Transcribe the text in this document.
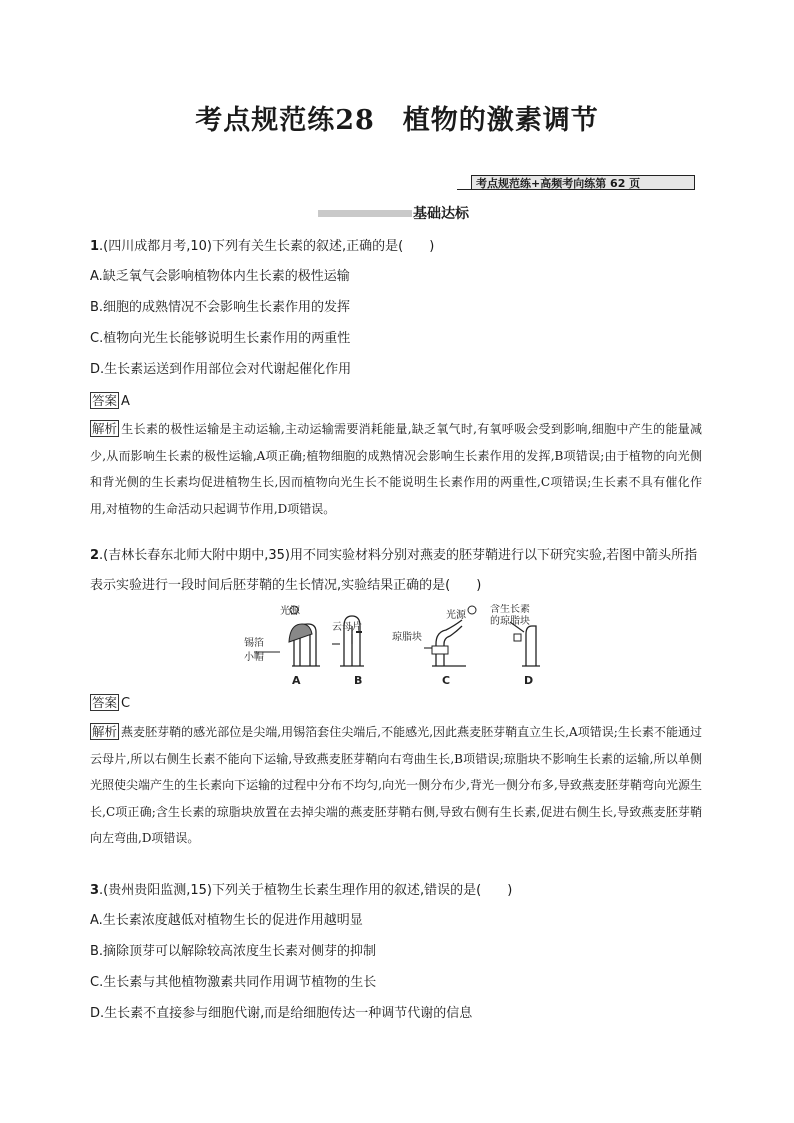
考点规范练28　植物的激素调节
考点规范练+高频考向练第 62 页
基础达标
1.(四川成都月考,10)下列有关生长素的叙述,正确的是(　　)
A.缺乏氧气会影响植物体内生长素的极性运输
B.细胞的成熟情况不会影响生长素作用的发挥
C.植物向光生长能够说明生长素作用的两重性
D.生长素运送到作用部位会对代谢起催化作用
答案 A
解析 生长素的极性运输是主动运输,主动运输需要消耗能量,缺乏氧气时,有氧呼吸会受到影响,细胞中产生的能量减少,从而影响生长素的极性运输,A项正确;植物细胞的成熟情况会影响生长素作用的发挥,B项错误;由于植物的向光侧和背光侧的生长素均促进植物生长,因而植物向光生长不能说明生长素作用的两重性,C项错误;生长素不具有催化作用,对植物的生命活动只起调节作用,D项错误。
2.(吉林长春东北师大附中期中,35)用不同实验材料分别对燕麦的胚芽鞘进行以下研究实验,若图中箭头所指表示实验进行一段时间后胚芽鞘的生长情况,实验结果正确的是(　　)
光源
锡箔
小帽
云母片
琼脂块
光源
含生长素
的琼脂块
A	B	C	D
答案 C
解析 燕麦胚芽鞘的感光部位是尖端,用锡箔套住尖端后,不能感光,因此燕麦胚芽鞘直立生长,A项错误;生长素不能通过云母片,所以右侧生长素不能向下运输,导致燕麦胚芽鞘向右弯曲生长,B项错误;琼脂块不影响生长素的运输,所以单侧光照使尖端产生的生长素向下运输的过程中分布不均匀,向光一侧分布少,背光一侧分布多,导致燕麦胚芽鞘弯向光源生长,C项正确;含生长素的琼脂块放置在去掉尖端的燕麦胚芽鞘右侧,导致右侧有生长素,促进右侧生长,导致燕麦胚芽鞘向左弯曲,D项错误。
3.(贵州贵阳监测,15)下列关于植物生长素生理作用的叙述,错误的是(　　)
A.生长素浓度越低对植物生长的促进作用越明显
B.摘除顶芽可以解除较高浓度生长素对侧芽的抑制
C.生长素与其他植物激素共同作用调节植物的生长
D.生长素不直接参与细胞代谢,而是给细胞传达一种调节代谢的信息
